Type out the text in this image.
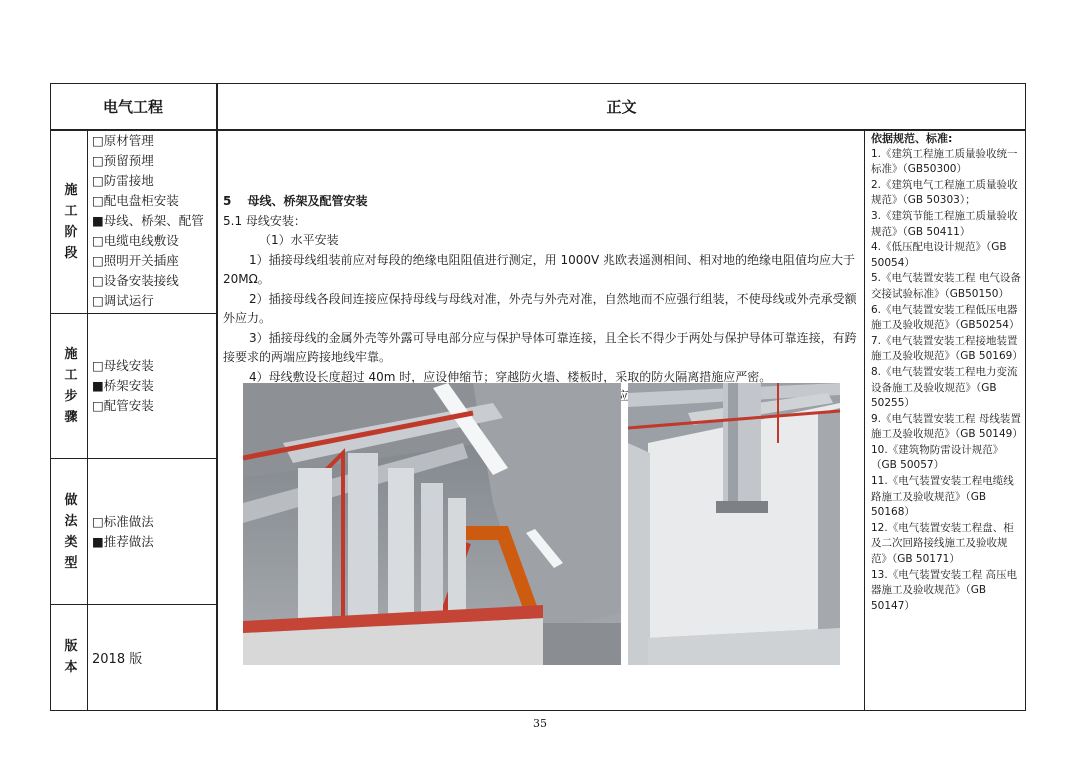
电气工程	正文
施
工
阶
段
□原材管理
□预留预埋
□防雷接地
□配电盘柜安装
■母线、桥架、配管
□电缆电线敷设
□照明开关插座
□设备安装接线
□调试运行
施
工
步
骤
□母线安装
■桥架安装
□配管安装
做
法
类
型
□标准做法
■推荐做法
版
本
2018 版

5　 母线、桥架及配管安装

5.1 母线安装：

（1）水平安装

1）插接母线组装前应对每段的绝缘电阻阻值进行测定，用 1000V 兆欧表遥测相间、相对地的绝缘电阻值均应大于20MΩ。

2）插接母线各段间连接应保持母线与母线对准，外壳与外壳对准，自然地而不应强行组装，不使母线或外壳承受额外应力。

3）插接母线的金属外壳等外露可导电部分应与保护导体可靠连接，且全长不得少于两处与保护导体可靠连接，有跨接要求的两端应跨接地线牢靠。

4）母线敷设长度超过 40m 时，应设伸缩节；穿越防火墙、楼板时，采取的防火隔离措施应严密。

依据规范、标准:

1.《建筑工程施工质量验收统一标准》（GB50300）

2.《建筑电气工程施工质量验收规范》（GB 50303）；

3.《建筑节能工程施工质量验收规范》（GB 50411）

4.《低压配电设计规范》（GB 50054）

5.《电气装置安装工程 电气设备交接试验标准》（GB50150）

6.《电气装置安装工程低压电器施工及验收规范》（GB50254）

7.《电气装置安装工程接地装置施工及验收规范》（GB 50169）

8.《电气装置安装工程电力变流设备施工及验收规范》（GB 50255）

9.《电气装置安装工程 母线装置施工及验收规范》（GB 50149）

10.《建筑物防雷设计规范》（GB 50057）

11.《电气装置安装工程电缆线路施工及验收规范》（GB 50168）

12.《电气装置安装工程盘、柜及二次回路接线施工及验收规范》（GB 50171）

13.《电气装置安装工程 高压电器施工及验收规范》（GB 50147）

35
